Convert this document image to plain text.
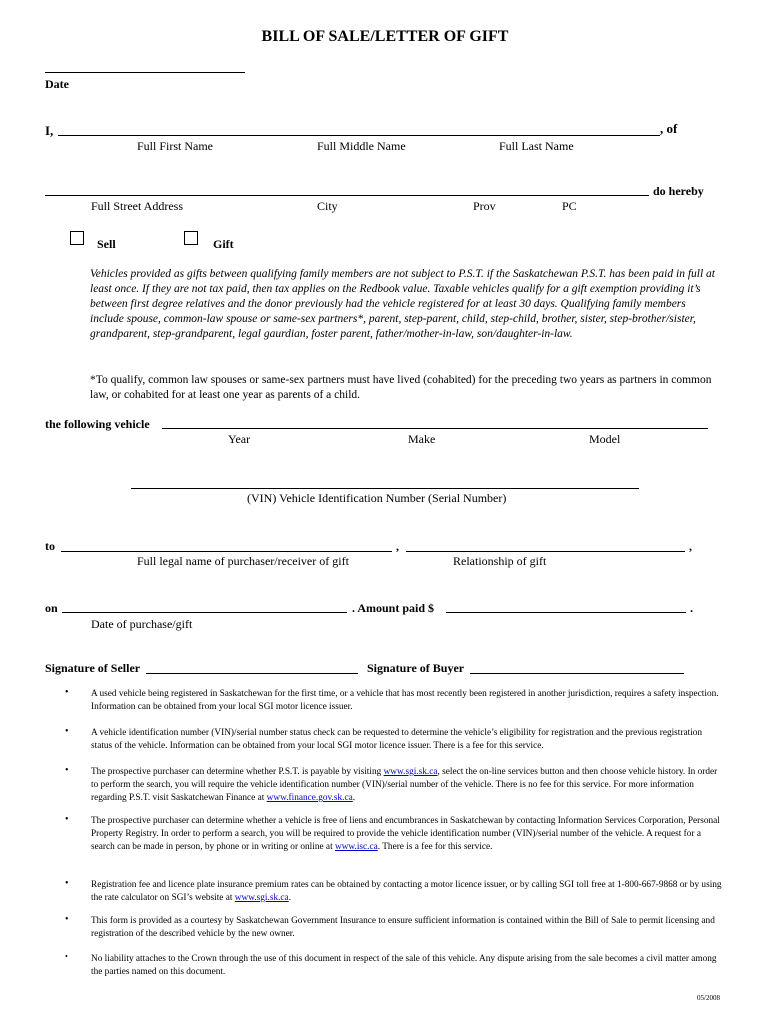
BILL OF SALE/LETTER OF GIFT
Date
I,	, of
Full First Name	Full Middle Name	Full Last Name
do hereby
Full Street Address	City	Prov	PC
Sell	Gift
Vehicles provided as gifts between qualifying family members are not subject to P.S.T. if the Saskatchewan P.S.T. has been paid in full at least once. If they are not tax paid, then tax applies on the Redbook value. Taxable vehicles qualify for a gift exemption providing it’s between first degree relatives and the donor previously had the vehicle registered for at least 30 days. Qualifying family members include spouse, common-law spouse or same-sex partners*, parent, step-parent, child, step-child, brother, sister, step-brother/sister, grandparent, step-grandparent, legal gaurdian, foster parent, father/mother-in-law, son/daughter-in-law.
*To qualify, common law spouses or same-sex partners must have lived (cohabited) for the preceding two years as partners in common law, or cohabited for at least one year as parents of a child.
the following vehicle
Year	Make	Model
(VIN) Vehicle Identification Number (Serial Number)
to	,	,
Full legal name of purchaser/receiver of gift	Relationship of gift
on	. Amount paid $	.
Date of purchase/gift
Signature of Seller	Signature of Buyer
• A used vehicle being registered in Saskatchewan for the first time, or a vehicle that has most recently been registered in another jurisdiction, requires a safety inspection. Information can be obtained from your local SGI motor licence issuer.
• A vehicle identification number (VIN)/serial number status check can be requested to determine the vehicle’s eligibility for registration and the previous registration status of the vehicle. Information can be obtained from your local SGI motor licence issuer. There is a fee for this service.
• The prospective purchaser can determine whether P.S.T. is payable by visiting www.sgi.sk.ca, select the on-line services button and then choose vehicle history. In order to perform the search, you will require the vehicle identification number (VIN)/serial number of the vehicle. There is no fee for this service. For more information regarding P.S.T. visit Saskatchewan Finance at www.finance.gov.sk.ca.
• The prospective purchaser can determine whether a vehicle is free of liens and encumbrances in Saskatchewan by contacting Information Services Corporation, Personal Property Registry. In order to perform a search, you will be required to provide the vehicle identification number (VIN)/serial number of the vehicle. A request for a search can be made in person, by phone or in writing or online at www.isc.ca. There is a fee for this service.
• Registration fee and licence plate insurance premium rates can be obtained by contacting a motor licence issuer, or by calling SGI toll free at 1-800-667-9868 or by using the rate calculator on SGI’s website at www.sgi.sk.ca.
• This form is provided as a courtesy by Saskatchewan Government Insurance to ensure sufficient information is contained within the Bill of Sale to permit licensing and registration of the described vehicle by the new owner.
• No liability attaches to the Crown through the use of this document in respect of the sale of this vehicle. Any dispute arising from the sale becomes a civil matter among the parties named on this document.
05/2008
